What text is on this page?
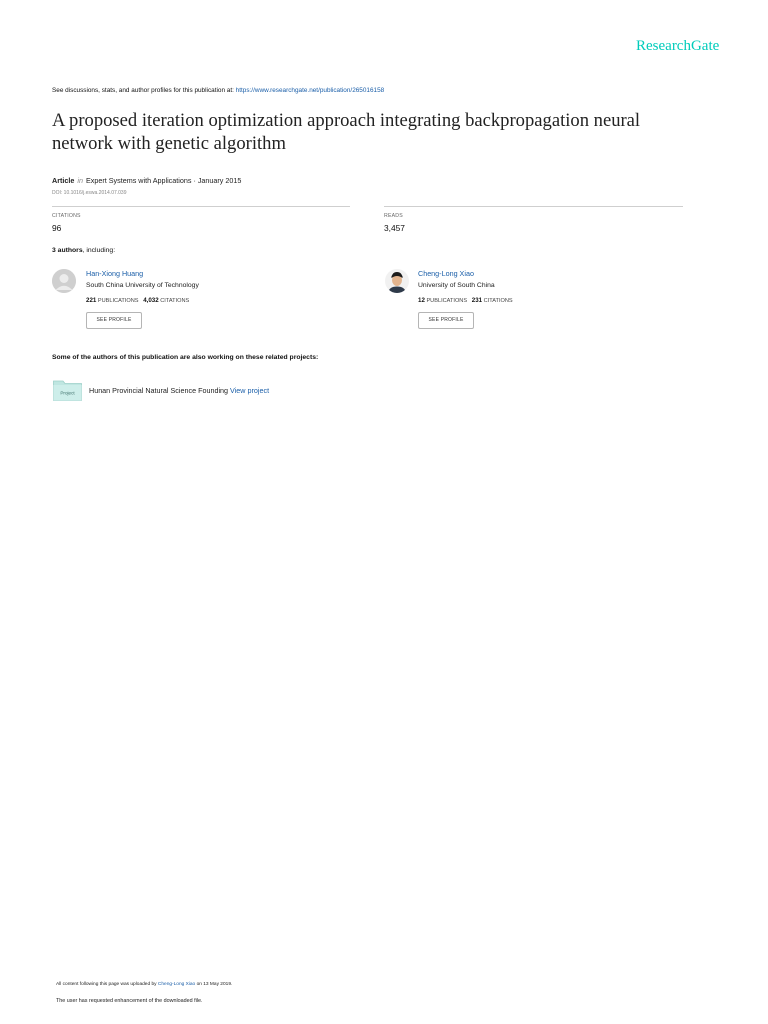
ResearchGate
See discussions, stats, and author profiles for this publication at: https://www.researchgate.net/publication/265016158
A proposed iteration optimization approach integrating backpropagation neural network with genetic algorithm
Article in Expert Systems with Applications · January 2015
DOI: 10.1016/j.eswa.2014.07.039
CITATIONS
96
READS
3,457
3 authors, including:
Han-Xiong Huang
South China University of Technology
221 PUBLICATIONS 4,032 CITATIONS
SEE PROFILE
Cheng-Long Xiao
University of South China
12 PUBLICATIONS 231 CITATIONS
SEE PROFILE
Some of the authors of this publication are also working on these related projects:
Project Hunan Provincial Natural Science Founding View project
All content following this page was uploaded by Cheng-Long Xiao on 13 May 2019.
The user has requested enhancement of the downloaded file.
